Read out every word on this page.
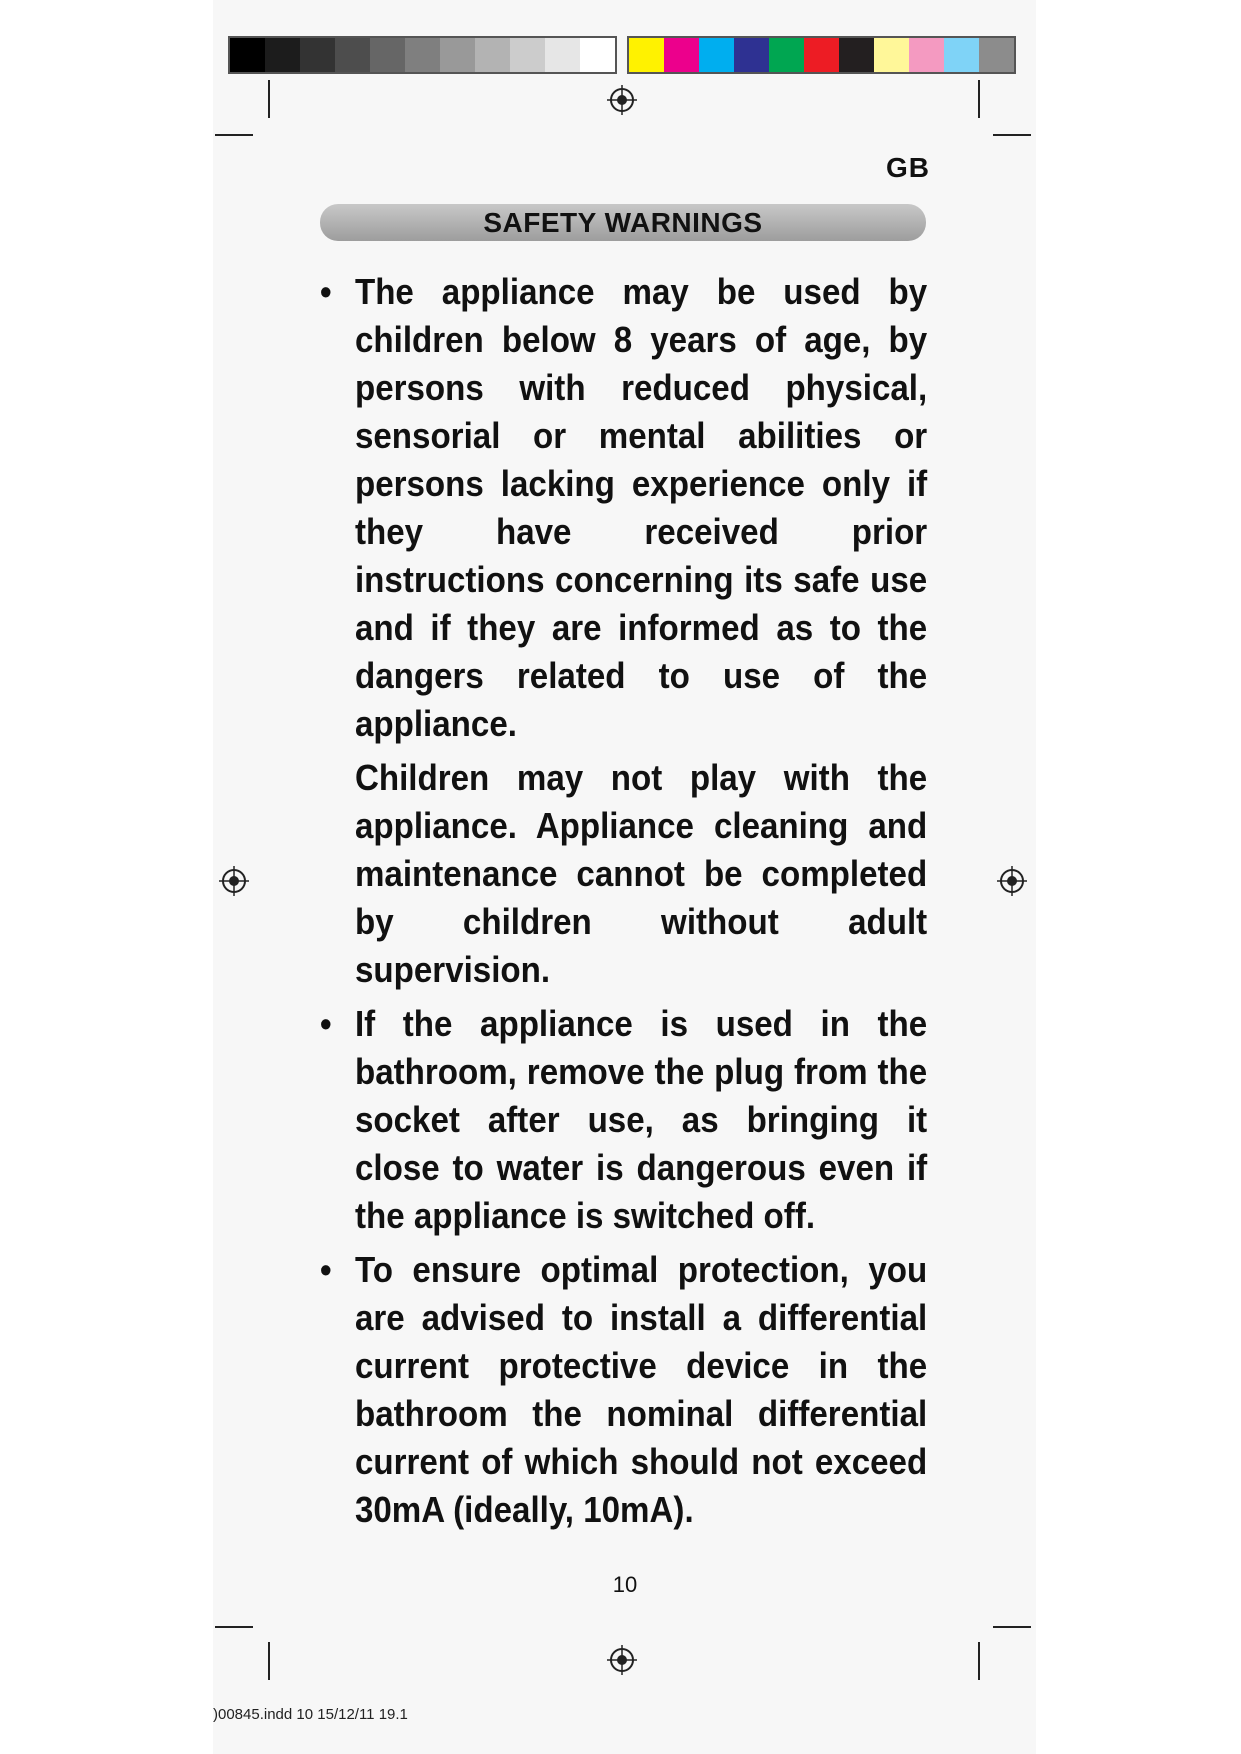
GB
SAFETY WARNINGS
• The appliance may be used by children below 8 years of age, by persons with reduced physical, sensorial or mental abilities or persons lacking experience only if they have received prior instructions concerning its safe use and if they are informed as to the dangers related to use of the appliance.
Children may not play with the appliance. Appliance cleaning and maintenance cannot be completed by children without adult supervision.
• If the appliance is used in the bathroom, remove the plug from the socket after use, as bringing it close to water is dangerous even if the appliance is switched off.
• To ensure optimal protection, you are advised to install a differential current protective device in the bathroom the nominal differential current of which should not exceed 30mA (ideally, 10mA).
10
)00845.indd 10 15/12/11 19.1
